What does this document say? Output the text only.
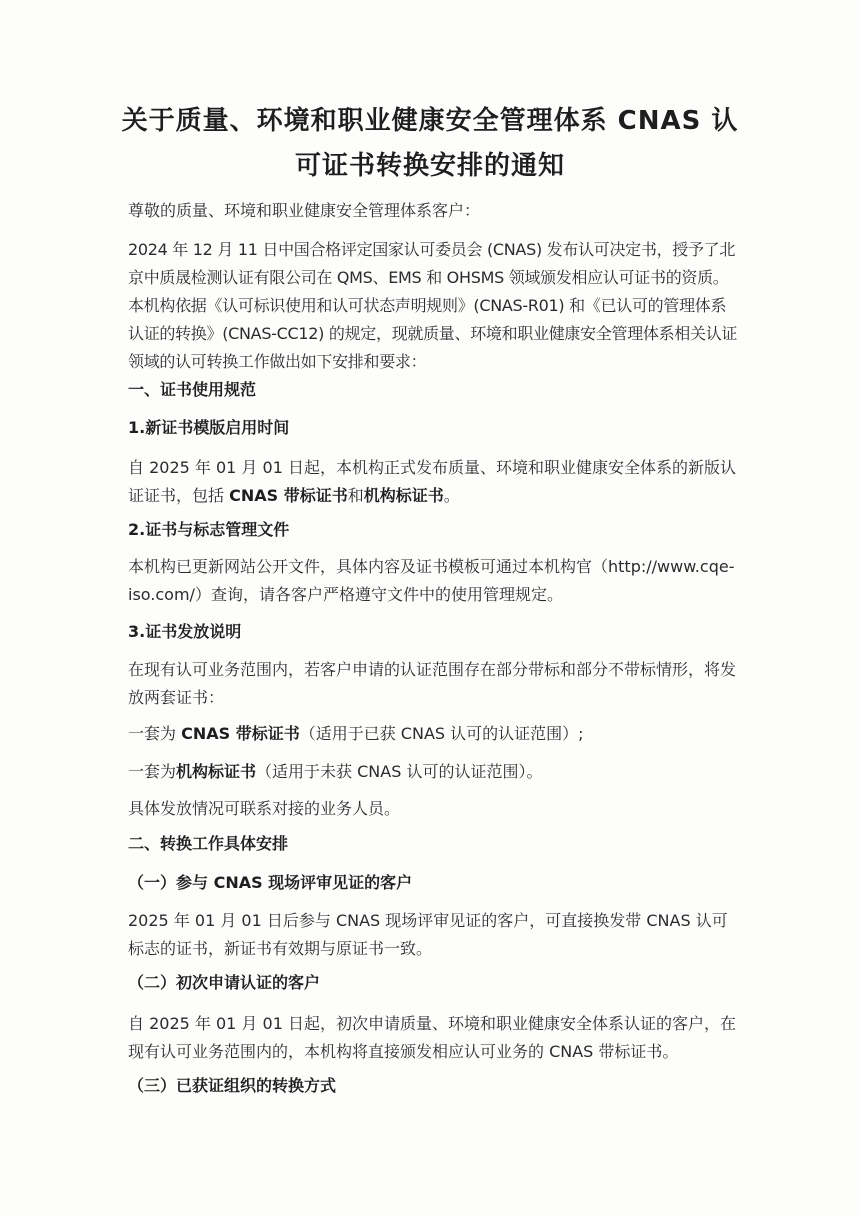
关于质量、环境和职业健康安全管理体系 CNAS 认
可证书转换安排的通知

尊敬的质量、环境和职业健康安全管理体系客户：

2024 年 12 月 11 日中国合格评定国家认可委员会 (CNAS) 发布认可决定书，授予了北京中质晟检测认证有限公司在 QMS、EMS 和 OHSMS 领域颁发相应认可证书的资质。本机构依据《认可标识使用和认可状态声明规则》(CNAS-R01) 和《已认可的管理体系认证的转换》(CNAS-CC12) 的规定，现就质量、环境和职业健康安全管理体系相关认证领域的认可转换工作做出如下安排和要求：

一、证书使用规范
1.新证书模版启用时间

自 2025 年 01 月 01 日起，本机构正式发布质量、环境和职业健康安全体系的新版认证证书，包括 CNAS 带标证书和机构标证书。

2.证书与标志管理文件

本机构已更新网站公开文件，具体内容及证书模板可通过本机构官（http://www.cqe-iso.com/）查询，请各客户严格遵守文件中的使用管理规定。

3.证书发放说明

在现有认可业务范围内，若客户申请的认证范围存在部分带标和部分不带标情形，将发放两套证书：

一套为 CNAS 带标证书（适用于已获 CNAS 认可的认证范围）;

一套为机构标证书（适用于未获 CNAS 认可的认证范围）。

具体发放情况可联系对接的业务人员。

二、转换工作具体安排
（一）参与 CNAS 现场评审见证的客户

2025 年 01 月 01 日后参与 CNAS 现场评审见证的客户，可直接换发带 CNAS 认可标志的证书，新证书有效期与原证书一致。

（二）初次申请认证的客户

自 2025 年 01 月 01 日起，初次申请质量、环境和职业健康安全体系认证的客户，在现有认可业务范围内的，本机构将直接颁发相应认可业务的 CNAS 带标证书。

（三）已获证组织的转换方式
